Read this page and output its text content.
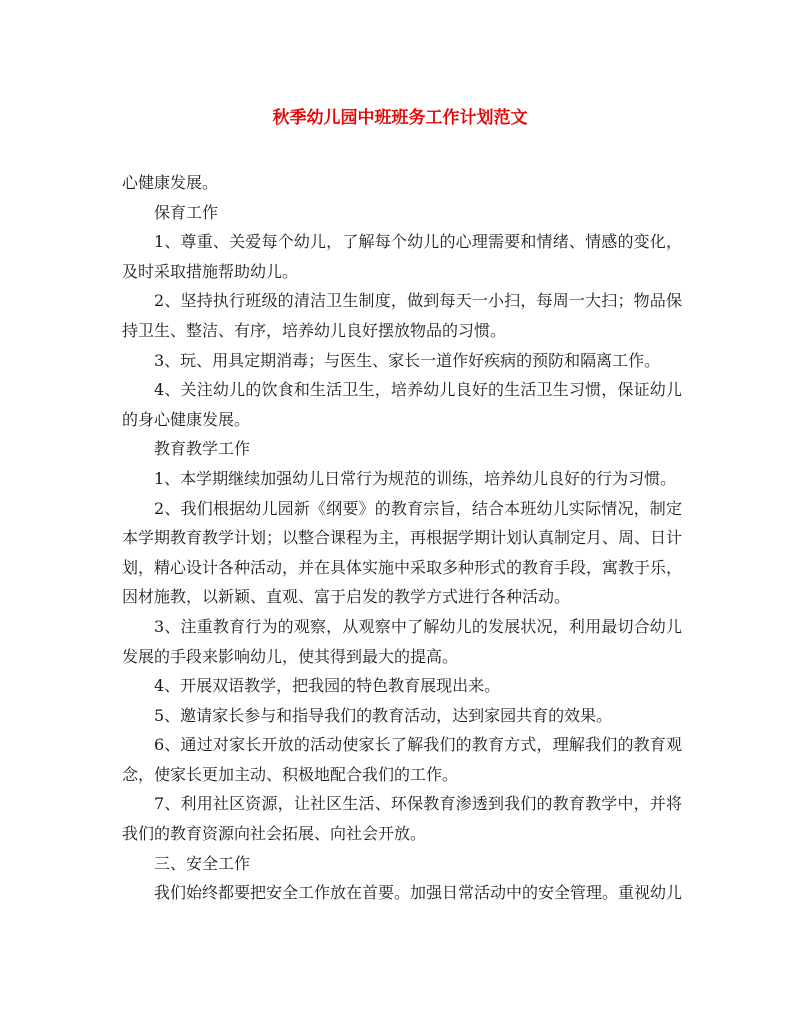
秋季幼儿园中班班务工作计划范文

心健康发展。

保育工作

1、尊重、关爱每个幼儿，了解每个幼儿的心理需要和情绪、情感的变化，及时采取措施帮助幼儿。

2、坚持执行班级的清洁卫生制度，做到每天一小扫，每周一大扫；物品保持卫生、整洁、有序，培养幼儿良好摆放物品的习惯。

3、玩、用具定期消毒；与医生、家长一道作好疾病的预防和隔离工作。

4、关注幼儿的饮食和生活卫生，培养幼儿良好的生活卫生习惯，保证幼儿的身心健康发展。

教育教学工作

1、本学期继续加强幼儿日常行为规范的训练，培养幼儿良好的行为习惯。

2、我们根据幼儿园新《纲要》的教育宗旨，结合本班幼儿实际情况，制定本学期教育教学计划；以整合课程为主，再根据学期计划认真制定月、周、日计划，精心设计各种活动，并在具体实施中采取多种形式的教育手段，寓教于乐，因材施教，以新颖、直观、富于启发的教学方式进行各种活动。

3、注重教育行为的观察，从观察中了解幼儿的发展状况，利用最切合幼儿发展的手段来影响幼儿，使其得到最大的提高。

4、开展双语教学，把我园的特色教育展现出来。

5、邀请家长参与和指导我们的教育活动，达到家园共育的效果。

6、通过对家长开放的活动使家长了解我们的教育方式，理解我们的教育观念，使家长更加主动、积极地配合我们的工作。

7、利用社区资源，让社区生活、环保教育渗透到我们的教育教学中，并将我们的教育资源向社会拓展、向社会开放。

三、安全工作

我们始终都要把安全工作放在首要。加强日常活动中的安全管理。重视幼儿
